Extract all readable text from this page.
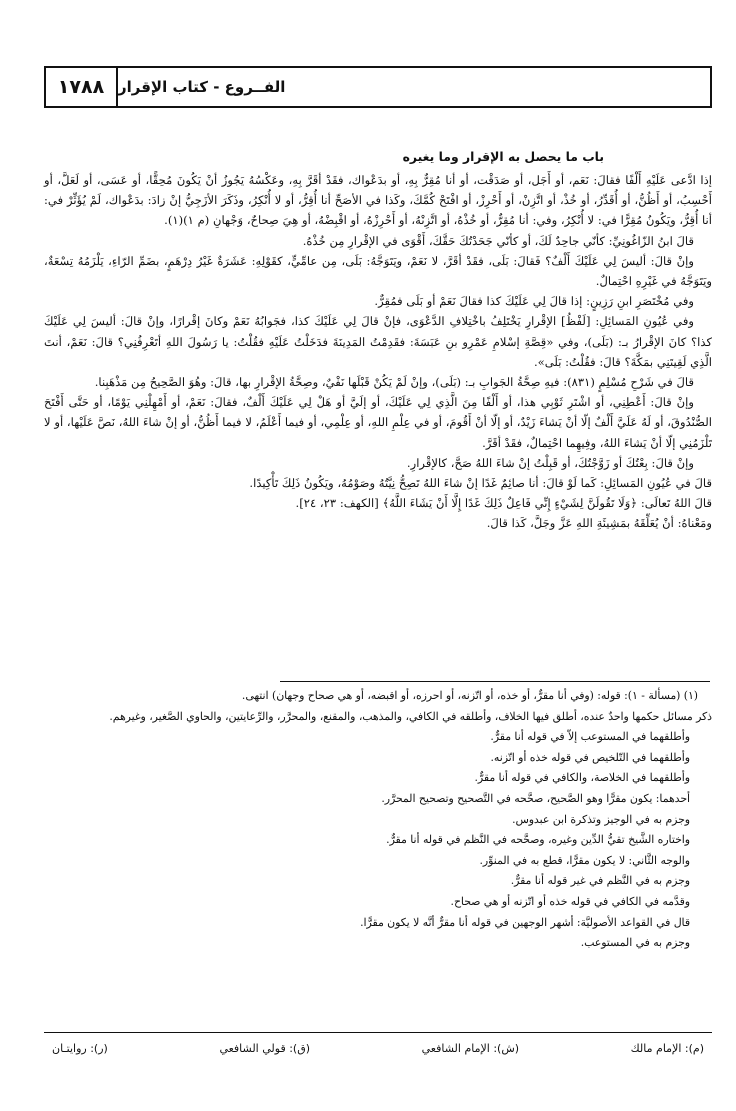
١٧٨٨ الفــروع - كتاب الإقرار

باب ما يحصل به الإقرار وما يغيره

إذا ادَّعى عَلَيْهِ أَلْفًا فقالَ: نَعَم، أو أَجَل، أو صَدَقْت، أو أنا مُقِرٌّ بِهِ، أو بدَعْواك، فقَدْ أقَرَّ بِهِ، وعَكْسُهُ يَجُوزُ أنْ يَكُونَ مُحِقًّا، أو عَسَى، أو لَعَلَّ، أو أَحْسِبُ، أو أَظُنُّ، أو أُقَدِّرُ، أو خُذْ، أو اتَّزِنْ، أو أَحْرِزْ، أو افْتَحْ كُمَّكَ، وكَذا في الأصَحِّ أنا أُقِرُّ، أو لا أُنْكِرُ، وذَكَرَ الأزَجِيُّ إنْ زادَ: بدَعْواك، لَمْ يُؤَثِّرْ في: أنا أُقِرُّ، ويَكُونُ مُقِرًّا في: لا أُنْكِرُ، وفي: أنا مُقِرٌّ، أو خُذْهُ، أو اتَّزِنْهُ، أو أَحْرِزْهُ، أو اقْبِضْهُ، أو هِيَ صِحاحٌ، وَجْهانِ (م ١)(١).

قالَ ابنُ الزّاغُونِيِّ: كأنّي جاحِدٌ لَكَ، أو كأنّي جَحَدْتُكَ حَقَّكَ، أَقْوَى في الإقْرارِ مِن خُذْهُ.

وإنْ قالَ: أليسَ لِي عَلَيْكَ أَلْفٌ؟ فَقالَ: بَلَى، فقَدْ أقَرَّ، لا نَعَمْ، ويَتَوَجَّهُ: بَلَى، مِن عامِّيٍّ، كقَوْلِهِ: عَشَرَةٌ غَيْرُ دِرْهَمٍ، بضَمِّ الرّاءِ، يَلْزَمُهُ تِسْعَةٌ، ويَتَوَجَّهُ في غَيْرِهِ احْتِمالٌ.

وفي مُخْتَصَرِ ابنِ رَزِينٍ: إذا قالَ لِي عَلَيْكَ كذا فقالَ نَعَمْ أو بَلَى فمُقِرٌّ.

وفي عُيُونِ المَسائِلِ: [لَفْظُ] الإقْرارِ يَخْتَلِفُ باخْتِلافِ الدَّعْوَى، فإنْ قالَ لِي عَلَيْكَ كذا، فجَوابُهُ نَعَمْ وكانَ إقْرارًا، وإنْ قالَ: أليسَ لِي عَلَيْكَ كذا؟ كانَ الإقْرارُ بـ: (بَلَى)، وفي «قِصَّةِ إسْلامِ عَمْرِو بنِ عَبَسَةَ: فقَدِمْتُ المَدِينَةَ فدَخَلْتُ عَلَيْهِ فقُلْتُ: يا رَسُولَ اللهِ أتَعْرِفُنِي؟ قالَ: نَعَمْ، أنتَ الَّذِي لَقِيتَنِي بمَكَّةَ؟ قالَ: فقُلْتُ: بَلَى».

قالَ في شَرْحِ مُسْلِمٍ (٨٣١): فيهِ صِحَّةُ الجَوابِ بـ: (بَلَى)، وإنْ لَمْ يَكُنْ قَبْلَها نَفْيٌ، وصِحَّةُ الإقْرارِ بها، قالَ: وهُوَ الصَّحِيحُ مِن مَذْهَبِنا.

وإنْ قالَ: أَعْطِنِي، أو اشْتَرِ ثَوْبِي هذا، أو أَلْفًا مِنَ الَّذِي لِي عَلَيْكَ، أو إلَيَّ أو هَلْ لِي عَلَيْكَ أَلْفٌ، فقالَ: نَعَمْ، أو أَمْهِلْنِي يَوْمًا، أو حَتَّى أَفْتَحَ الصُّنْدُوقَ، أو لَهُ عَلَيَّ أَلْفٌ إلّا أنْ يَشاءَ زَيْدٌ، أو إلّا أنْ أَقُومَ، أو في عِلْمِ اللهِ، أو عِلْمِي، أو فيما أَعْلَمُ، لا فيما أَظُنُّ، أو إنْ شاءَ اللهُ، نَصَّ عَلَيْها، أو لا تَلْزَمُنِي إلّا أنْ يَشاءَ اللهُ، وفِيهِما احْتِمالٌ، فقَدْ أقَرَّ.

وإنْ قالَ: بِعْتُكَ أو زَوَّجْتُكَ، أو قَبِلْتُ إنْ شاءَ اللهُ صَحَّ، كالإقْرارِ.

قالَ في عُيُونِ المَسائِلِ: كَما لَوْ قالَ: أنا صائِمٌ غَدًا إنْ شاءَ اللهُ تَصِحُّ نِيَّتُهُ وصَوْمُهُ، ويَكُونُ ذَلِكَ تَأْكِيدًا.

قالَ اللهُ تَعالَى: ﴿وَلَا تَقُولَنَّ لِشَيْءٍ إِنِّي فَاعِلٌ ذَلِكَ غَدًا إِلَّا أَنْ يَشَاءَ اللَّهُ﴾ [الكهف: ٢٣، ٢٤].

ومَعْناهُ: أنْ يُعَلِّقَهُ بمَشِيئَةِ اللهِ عَزَّ وجَلَّ، كَذا قالَ.

(١) (مسألة - ١): قوله: (وفي أنا مقرٌّ، أو خذه، أو اتّزنه، أو احرزه، أو اقبضه، أو هي صحاح وجهان) انتهى.

ذكر مسائل حكمها واحدٌ عنده، أطلق فيها الخلاف، وأطلقه في الكافي، والمذهب، والمقنع، والمحرَّر، والرِّعايتين، والحاوي الصَّغير، وغيرهم.

وأطلقهما في المستوعب إلاّ في قوله أنا مقرٌّ.

وأطلقهما في التّلخيص في قوله خذه أو اتّزنه.

وأطلقهما في الخلاصة، والكافي في قوله أنا مقرٌّ.

أحدهما: يكون مقرًّا وهو الصَّحيح، صحَّحه في التَّصحيح وتصحيح المحرَّر.

وجزم به في الوجيز وتذكرة ابن عبدوس.

واختاره الشَّيخ تقيُّ الدِّين وغيره، وصحَّحه في النَّظم في قوله أنا مقرٌّ.

والوجه الثَّاني: لا يكون مقرًّا، قطع به في المنوِّر.

وجزم به في النَّظم في غير قوله أنا مقرٌّ.

وقدَّمه في الكافي في قوله خذه أو اتّزنه أو هي صحاح.

قال في القواعد الأصوليَّة: أشهر الوجهين في قوله أنا مقرٌّ أنَّه لا يكون مقرًّا.

وجزم به في المستوعب.

(م): الإمام مالك
(ش): الإمام الشافعي
(ق): قولي الشافعي
(ر): روايتـان
